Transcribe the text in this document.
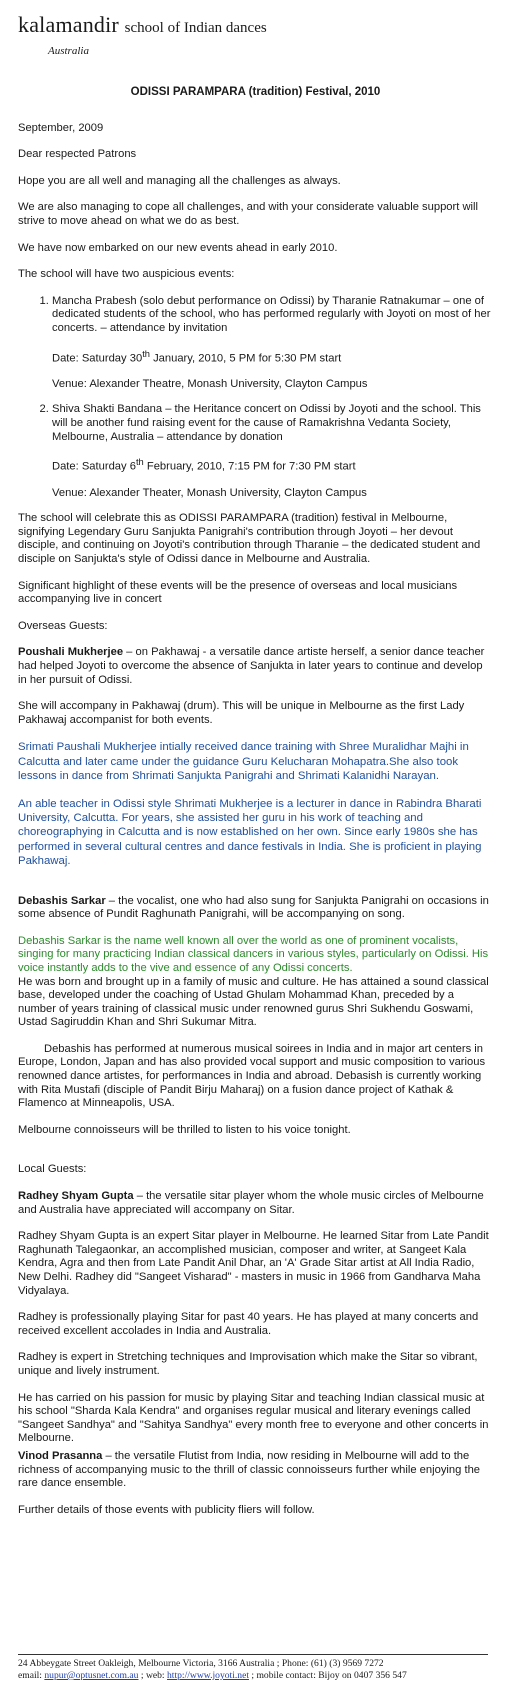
kalamandir school of Indian dances
Australia
ODISSI PARAMPARA (tradition) Festival, 2010

September, 2009

Dear respected Patrons

Hope you are all well and managing all the challenges as always.

We are also managing to cope all challenges, and with your considerate valuable support will strive to move ahead on what we do as best.

We have now embarked on our new events ahead in early 2010.

The school will have two auspicious events:

1. Mancha Prabesh (solo debut performance on Odissi) by Tharanie Ratnakumar – one of dedicated students of the school, who has performed regularly with Joyoti on most of her concerts. – attendance by invitation

Date: Saturday 30th January, 2010, 5 PM for 5:30 PM start

Venue: Alexander Theatre, Monash University, Clayton Campus

2. Shiva Shakti Bandana – the Heritance concert on Odissi by Joyoti and the school. This will be another fund raising event for the cause of Ramakrishna Vedanta Society, Melbourne, Australia – attendance by donation

Date: Saturday 6th February, 2010, 7:15 PM for 7:30 PM start

Venue: Alexander Theater, Monash University, Clayton Campus

The school will celebrate this as ODISSI PARAMPARA (tradition) festival in Melbourne, signifying Legendary Guru Sanjukta Panigrahi's contribution through Joyoti – her devout disciple, and continuing on Joyoti's contribution through Tharanie – the dedicated student and disciple on Sanjukta's style of Odissi dance in Melbourne and Australia.

Significant highlight of these events will be the presence of overseas and local musicians accompanying live in concert

Overseas Guests:

Poushali Mukherjee – on Pakhawaj - a versatile dance artiste herself, a senior dance teacher had helped Joyoti to overcome the absence of Sanjukta in later years to continue and develop in her pursuit of Odissi.

She will accompany in Pakhawaj (drum). This will be unique in Melbourne as the first Lady Pakhawaj accompanist for both events.

Srimati Paushali Mukherjee intially received dance training with Shree Muralidhar Majhi in Calcutta and later came under the guidance Guru Kelucharan Mohapatra.She also took lessons in dance from Shrimati Sanjukta Panigrahi and Shrimati Kalanidhi Narayan.

An able teacher in Odissi style Shrimati Mukherjee is a lecturer in dance in Rabindra Bharati University, Calcutta. For years, she assisted her guru in his work of teaching and choreographying in Calcutta and is now established on her own. Since early 1980s she has performed in several cultural centres and dance festivals in India. She is proficient in playing Pakhawaj.

Debashis Sarkar – the vocalist, one who had also sung for Sanjukta Panigrahi on occasions in some absence of Pundit Raghunath Panigrahi, will be accompanying on song.

Debashis Sarkar is the name well known all over the world as one of prominent vocalists, singing for many practicing Indian classical dancers in various styles, particularly on Odissi. His voice instantly adds to the vive and essence of any Odissi concerts.

He was born and brought up in a family of music and culture. He has attained a sound classical base, developed under the coaching of Ustad Ghulam Mohammad Khan, preceded by a number of years training of classical music under renowned gurus Shri Sukhendu Goswami, Ustad Sagiruddin Khan and Shri Sukumar Mitra.

Debashis has performed at numerous musical soirees in India and in major art centers in Europe, London, Japan and has also provided vocal support and music composition to various renowned dance artistes, for performances in India and abroad. Debasish is currently working with Rita Mustafi (disciple of Pandit Birju Maharaj) on a fusion dance project of Kathak & Flamenco at Minneapolis, USA.

Melbourne connoisseurs will be thrilled to listen to his voice tonight.

Local Guests:

Radhey Shyam Gupta – the versatile sitar player whom the whole music circles of Melbourne and Australia have appreciated will accompany on Sitar.

Radhey Shyam Gupta is an expert Sitar player in Melbourne. He learned Sitar from Late Pandit Raghunath Talegaonkar, an accomplished musician, composer and writer, at Sangeet Kala Kendra, Agra and then from Late Pandit Anil Dhar, an 'A' Grade Sitar artist at All India Radio, New Delhi. Radhey did "Sangeet Visharad" - masters in music in 1966 from Gandharva Maha Vidyalaya.

Radhey is professionally playing Sitar for past 40 years. He has played at many concerts and received excellent accolades in India and Australia.

Radhey is expert in Stretching techniques and Improvisation which make the Sitar so vibrant, unique and lively instrument.

He has carried on his passion for music by playing Sitar and teaching Indian classical music at his school "Sharda Kala Kendra" and organises regular musical and literary evenings called "Sangeet Sandhya" and "Sahitya Sandhya" every month free to everyone and other concerts in Melbourne.

Vinod Prasanna – the versatile Flutist from India, now residing in Melbourne will add to the richness of accompanying music to the thrill of classic connoisseurs further while enjoying the rare dance ensemble.

Further details of those events with publicity fliers will follow.

24 Abbeygate Street Oakleigh, Melbourne Victoria, 3166 Australia ; Phone: (61) (3) 9569 7272
email: nupur@optusnet.com.au ; web: http://www.joyoti.net ; mobile contact: Bijoy on 0407 356 547
